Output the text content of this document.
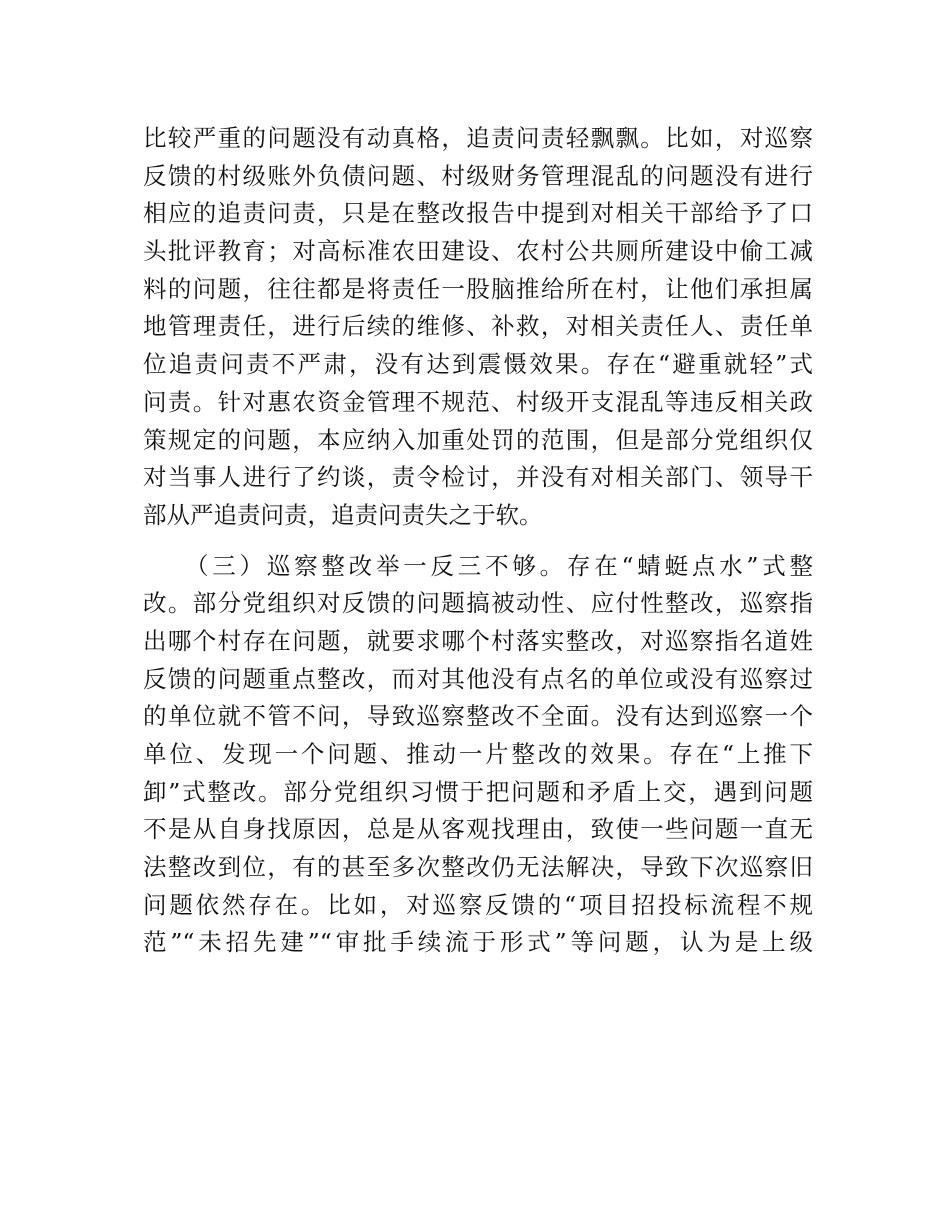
比较严重的问题没有动真格，追责问责轻飘飘。比如，对巡察
反馈的村级账外负债问题、村级财务管理混乱的问题没有进行
相应的追责问责，只是在整改报告中提到对相关干部给予了口
头批评教育；对高标准农田建设、农村公共厕所建设中偷工减
料的问题，往往都是将责任一股脑推给所在村，让他们承担属
地管理责任，进行后续的维修、补救，对相关责任人、责任单
位追责问责不严肃，没有达到震慑效果。存在“避重就轻”式
问责。针对惠农资金管理不规范、村级开支混乱等违反相关政
策规定的问题，本应纳入加重处罚的范围，但是部分党组织仅
对当事人进行了约谈，责令检讨，并没有对相关部门、领导干
部从严追责问责，追责问责失之于软。
（三）巡察整改举一反三不够。存在“蜻蜓点水”式整
改。部分党组织对反馈的问题搞被动性、应付性整改，巡察指
出哪个村存在问题，就要求哪个村落实整改，对巡察指名道姓
反馈的问题重点整改，而对其他没有点名的单位或没有巡察过
的单位就不管不问，导致巡察整改不全面。没有达到巡察一个
单位、发现一个问题、推动一片整改的效果。存在“上推下
卸”式整改。部分党组织习惯于把问题和矛盾上交，遇到问题
不是从自身找原因，总是从客观找理由，致使一些问题一直无
法整改到位，有的甚至多次整改仍无法解决，导致下次巡察旧
问题依然存在。比如，对巡察反馈的“项目招投标流程不规
范”“未招先建”“审批手续流于形式”等问题，认为是上级
